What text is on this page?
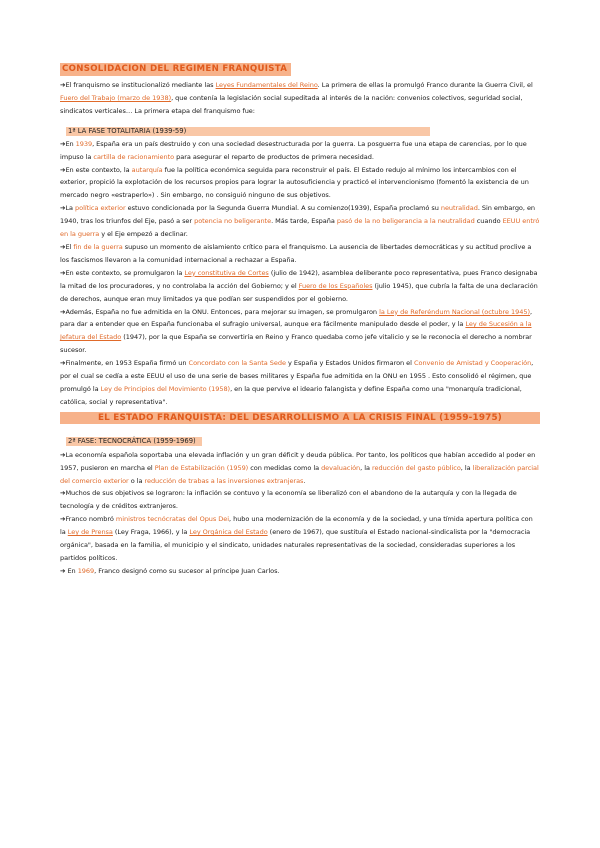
CONSOLIDACION DEL REGIMEN FRANQUISTA

➔El franquismo se institucionalizó mediante las Leyes Fundamentales del Reino. La primera de ellas la promulgó Franco durante la Guerra Civil, el Fuero del Trabajo (marzo de 1938), que contenía la legislación social supeditada al interés de la nación: convenios colectivos, seguridad social, sindicatos verticales… La primera etapa del franquismo fue:

1ª LA FASE TOTALITARIA (1939-59)

➔En 1939, España era un país destruido y con una sociedad desestructurada por la guerra. La posguerra fue una etapa de carencias, por lo que impuso la cartilla de racionamiento para asegurar el reparto de productos de primera necesidad.

➔En este contexto, la autarquía fue la política económica seguida para reconstruir el país. El Estado redujo al mínimo los intercambios con el exterior, propició la explotación de los recursos propios para lograr la autosuficiencia y practicó el intervencionismo (fomentó la existencia de un mercado negro «estraperlo») . Sin embargo, no consiguió ninguno de sus objetivos.

➔La política exterior estuvo condicionada por la Segunda Guerra Mundial. A su comienzo(1939), España proclamó su neutralidad. Sin embargo, en 1940, tras los triunfos del Eje, pasó a ser potencia no beligerante. Más tarde, España pasó de la no beligerancia a la neutralidad cuando EEUU entró en la guerra y el Eje empezó a declinar.

➔El fin de la guerra supuso un momento de aislamiento crítico para el franquismo. La ausencia de libertades democráticas y su actitud proclive a los fascismos llevaron a la comunidad internacional a rechazar a España.

➔En este contexto, se promulgaron la Ley constitutiva de Cortes (julio de 1942), asamblea deliberante poco representativa, pues Franco designaba la mitad de los procuradores, y no controlaba la acción del Gobierno; y el Fuero de los Españoles (julio 1945), que cubría la falta de una declaración de derechos, aunque eran muy limitados ya que podían ser suspendidos por el gobierno.

➔Además, España no fue admitida en la ONU. Entonces, para mejorar su imagen, se promulgaron la Ley de Referéndum Nacional (octubre 1945), para dar a entender que en España funcionaba el sufragio universal, aunque era fácilmente manipulado desde el poder, y la Ley de Sucesión a la Jefatura del Estado (1947), por la que España se convertiría en Reino y Franco quedaba como jefe vitalicio y se le reconocía el derecho a nombrar sucesor.

➔Finalmente, en 1953 España firmó un Concordato con la Santa Sede y España y Estados Unidos firmaron el Convenio de Amistad y Cooperación, por el cual se cedía a este EEUU el uso de una serie de bases militares y España fue admitida en la ONU en 1955 . Esto consolidó el régimen, que promulgó la Ley de Principios del Movimiento (1958), en la que pervive el ideario falangista y define España como una "monarquía tradicional, católica, social y representativa".

EL ESTADO FRANQUISTA: DEL DESARROLLISMO A LA CRISIS FINAL (1959-1975)
2ª FASE: TECNOCRÁTICA (1959-1969)

➔La economía española soportaba una elevada inflación y un gran déficit y deuda pública. Por tanto, los políticos que habían accedido al poder en 1957, pusieron en marcha el Plan de Estabilización (1959) con medidas como la devaluación, la reducción del gasto público, la liberalización parcial del comercio exterior o la reducción de trabas a las inversiones extranjeras.

➔Muchos de sus objetivos se lograron: la inflación se contuvo y la economía se liberalizó con el abandono de la autarquía y con la llegada de tecnología y de créditos extranjeros.

➔Franco nombró ministros tecnócratas del Opus Dei, hubo una modernización de la economía y de la sociedad, y una tímida apertura política con la Ley de Prensa (Ley Fraga, 1966), y la Ley Orgánica del Estado (enero de 1967), que sustituía el Estado nacional-sindicalista por la "democracia orgánica", basada en la familia, el municipio y el sindicato, unidades naturales representativas de la sociedad, consideradas superiores a los partidos políticos.

➔ En 1969, Franco designó como su sucesor al príncipe Juan Carlos.
